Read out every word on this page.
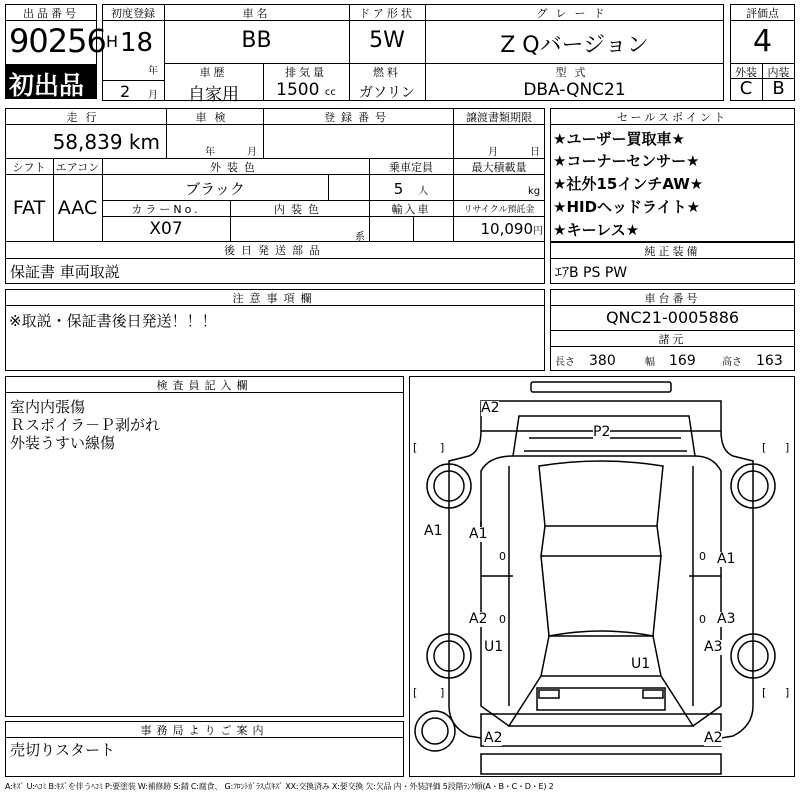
出品番号
90256
初出品
初度登録
H 18
年
2 月
車名
BB
ドア形状
5W
グレード
Z Qバージョン
車歴
自家用
排気量
1500 cc
燃料
ガソリン
型式
DBA-QNC21
評価点
4
外装 内装
C	B
走行
58,839 km
車検
年	月
登録番号	譲渡書類期限
月	日
シフト
FAT
エアコン
AAC
外装色
ブラック
乗車定員
5　 人
最大積載量
kg
カラーNo.
X07
内装色
系
輸入車	リサイクル預託金
10,090円
後日発送部品
保証書 車両取説
セールスポイント
★ユーザー買取車★
★コーナーセンサー★
★社外15インチAW★
★HIDヘッドライト★
★キーレス★
純正装備
ｴｱB PS PW
注意事項欄
※取説・保証書後日発送！！！
車台番号
QNC21-0005886
諸元
長さ　 380	幅　 169	高さ　 163
検査員記入欄
室内内張傷
Ｒスポイラ－Ｐ剥がれ
外装うすい線傷
事務局よりご案内
売切りスタート
A2
P2
A1 A1
A2
U1
A1
A3
A3
U1
A2	A2
0
0
0
0
[ ]	[ ]
[ ]	[ ]
A:ｷｽﾞ U:ﾍｺﾐ B:ｷｽﾞを伴うﾍｺﾐ P:要塗装 W:補修跡 S:錆 C:腐食、 G:ﾌﾛﾝﾄｶﾞﾗｽ点ｷｽﾞ XX:交換済み X:要交換 欠:欠品 内・外装評価 5段階ﾗﾝｸ順(A・B・C・D・E) 2
